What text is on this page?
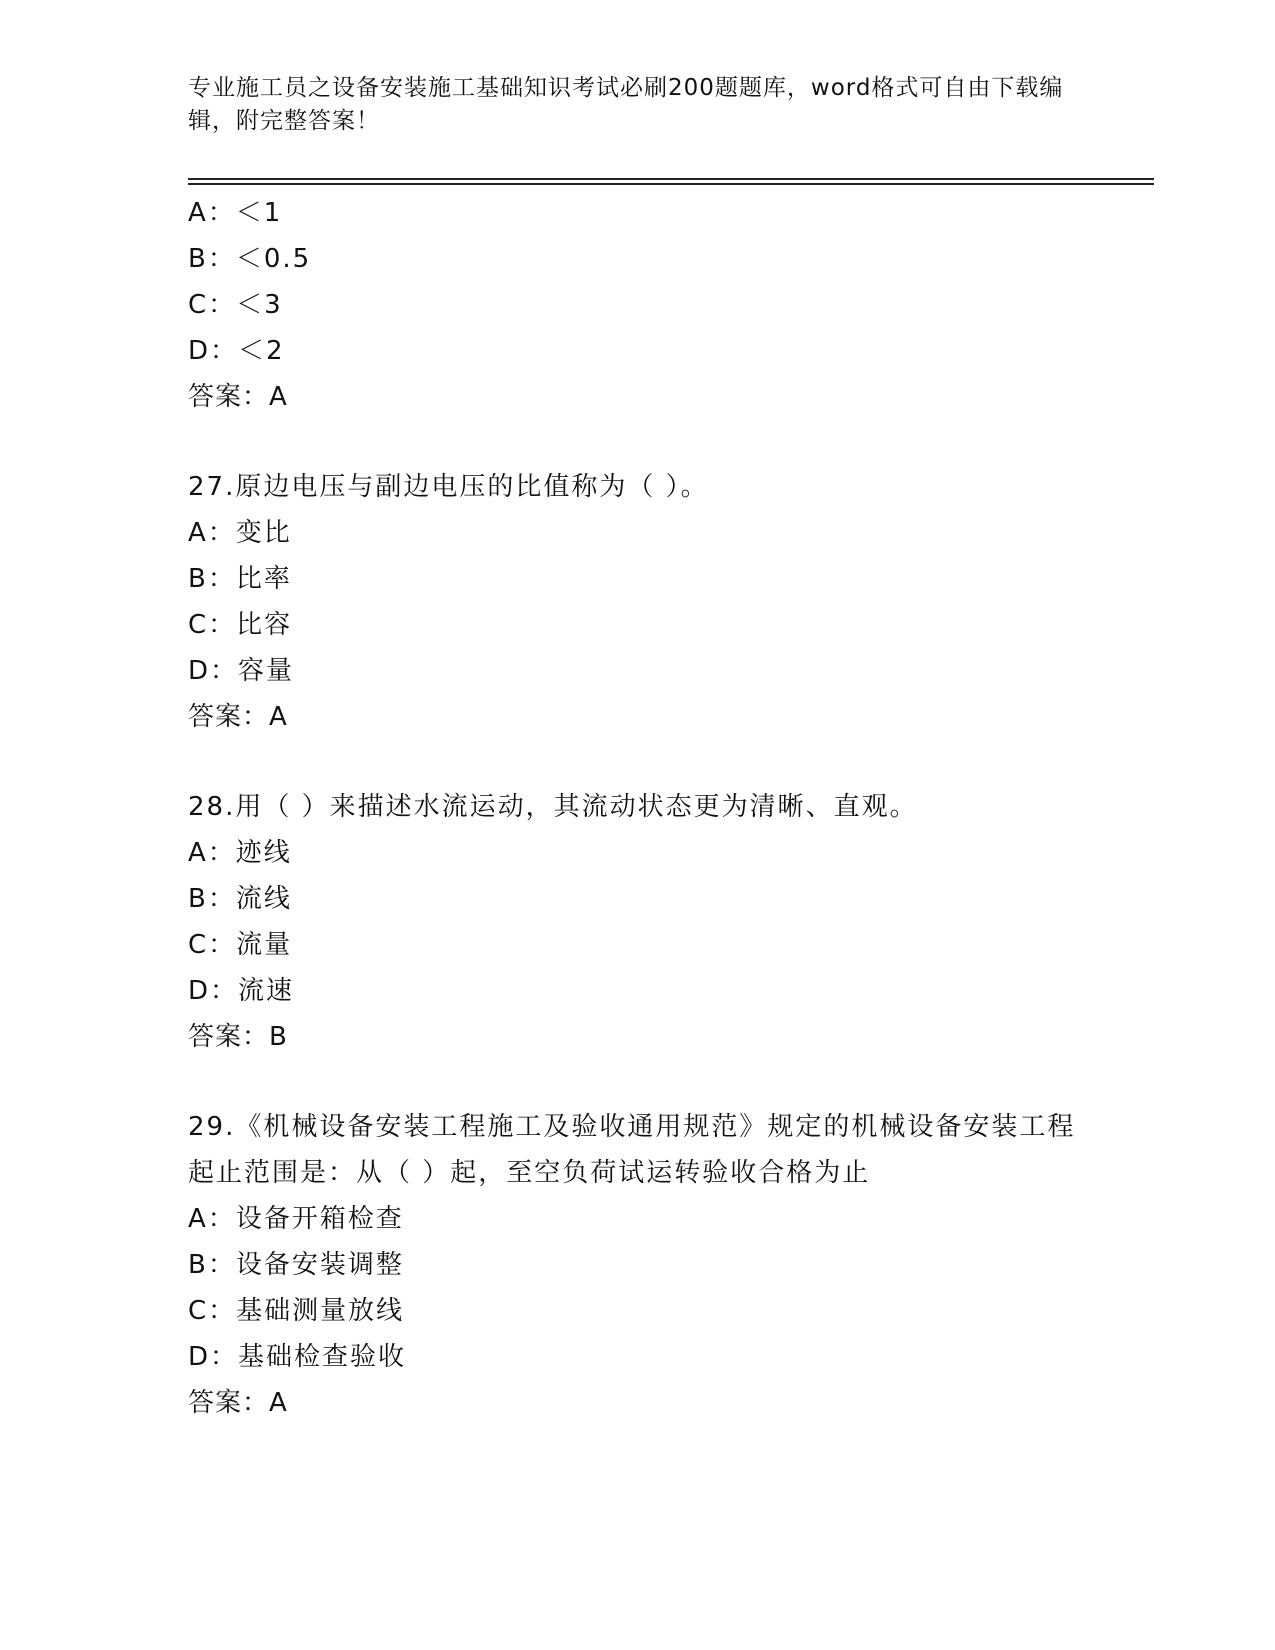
专业施工员之设备安装施工基础知识考试必刷200题题库，word格式可自由下载编辑，附完整答案！
A：＜1
B：＜0.5
C：＜3
D：＜2
答案：A
27.原边电压与副边电压的比值称为（ ）。
A：变比
B：比率
C：比容
D：容量
答案：A
28.用（ ）来描述水流运动，其流动状态更为清晰、直观。
A：迹线
B：流线
C：流量
D：流速
答案：B
29.《机械设备安装工程施工及验收通用规范》规定的机械设备安装工程起止范围是：从（ ）起，至空负荷试运转验收合格为止
A：设备开箱检查
B：设备安装调整
C：基础测量放线
D：基础检查验收
答案：A
